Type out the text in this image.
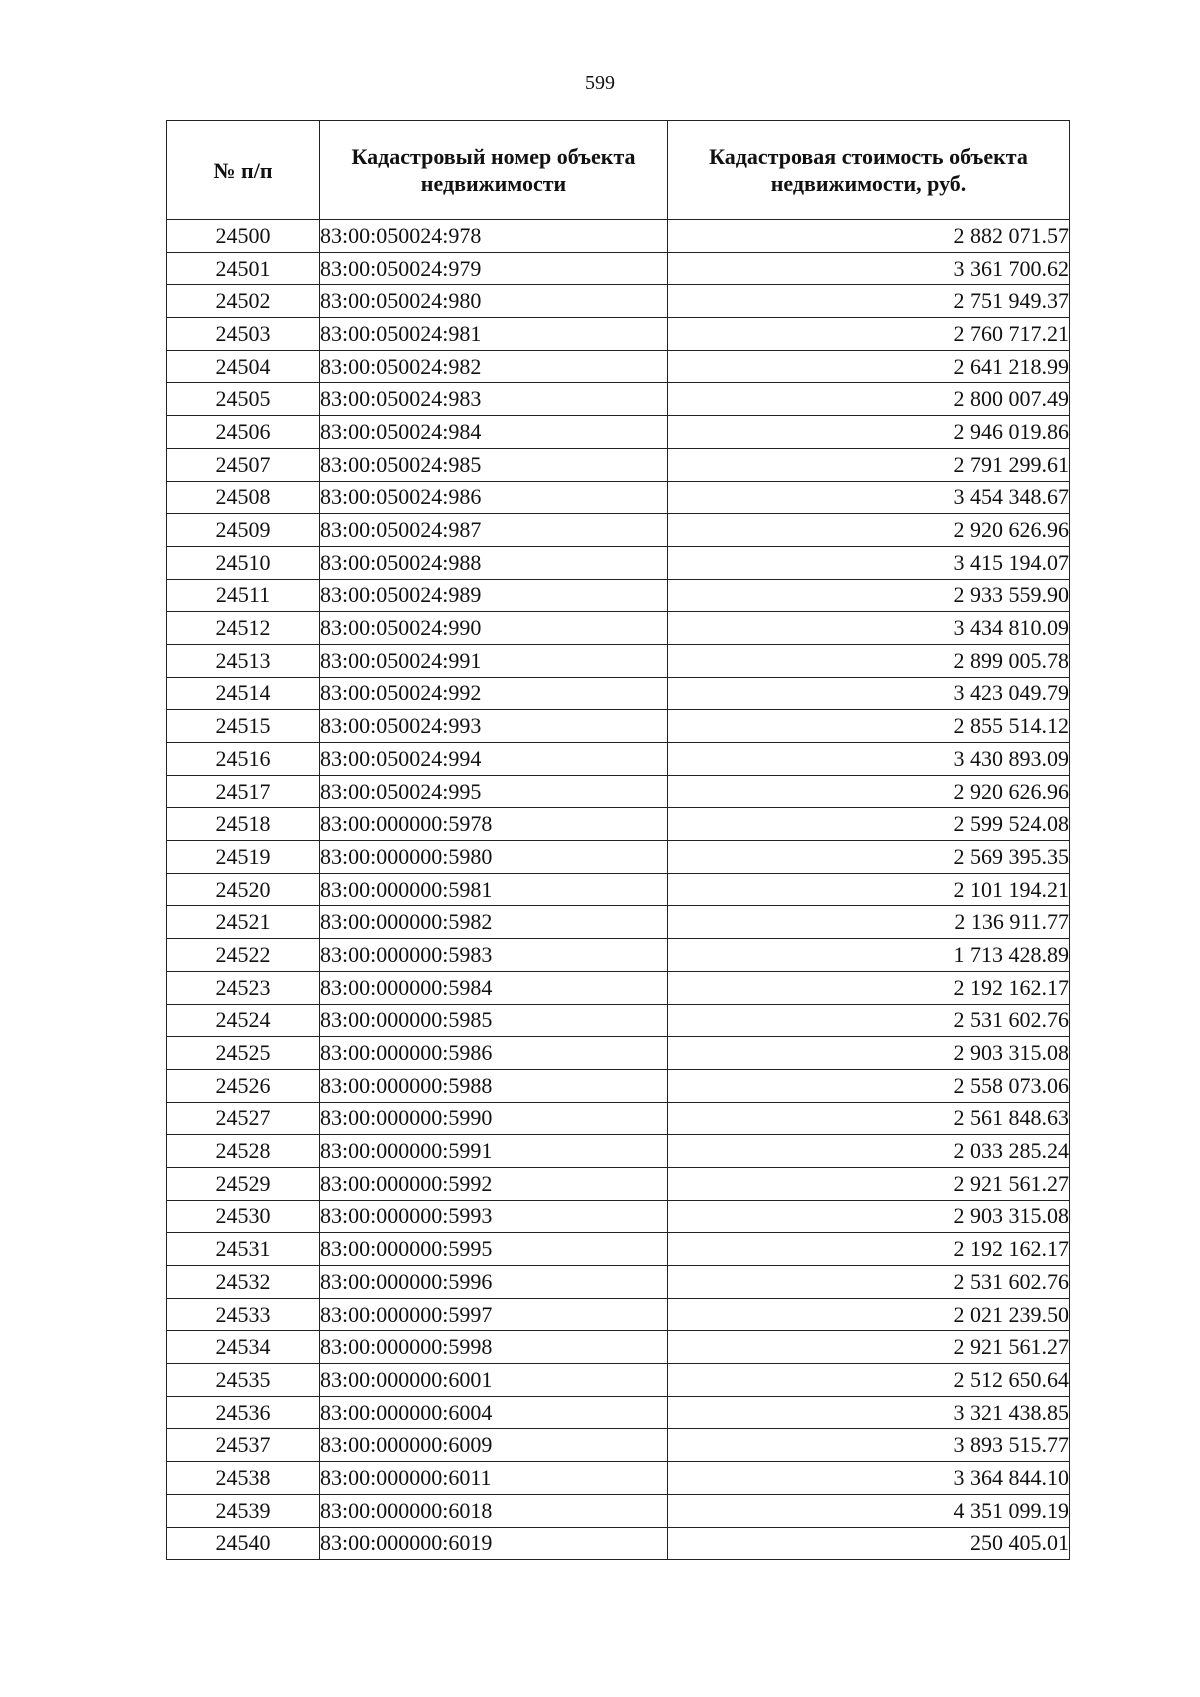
599
№ п/п	Кадастровый номер объекта недвижимости	Кадастровая стоимость объекта недвижимости, руб.
24500	83:00:050024:978	2 882 071.57
24501	83:00:050024:979	3 361 700.62
24502	83:00:050024:980	2 751 949.37
24503	83:00:050024:981	2 760 717.21
24504	83:00:050024:982	2 641 218.99
24505	83:00:050024:983	2 800 007.49
24506	83:00:050024:984	2 946 019.86
24507	83:00:050024:985	2 791 299.61
24508	83:00:050024:986	3 454 348.67
24509	83:00:050024:987	2 920 626.96
24510	83:00:050024:988	3 415 194.07
24511	83:00:050024:989	2 933 559.90
24512	83:00:050024:990	3 434 810.09
24513	83:00:050024:991	2 899 005.78
24514	83:00:050024:992	3 423 049.79
24515	83:00:050024:993	2 855 514.12
24516	83:00:050024:994	3 430 893.09
24517	83:00:050024:995	2 920 626.96
24518	83:00:000000:5978	2 599 524.08
24519	83:00:000000:5980	2 569 395.35
24520	83:00:000000:5981	2 101 194.21
24521	83:00:000000:5982	2 136 911.77
24522	83:00:000000:5983	1 713 428.89
24523	83:00:000000:5984	2 192 162.17
24524	83:00:000000:5985	2 531 602.76
24525	83:00:000000:5986	2 903 315.08
24526	83:00:000000:5988	2 558 073.06
24527	83:00:000000:5990	2 561 848.63
24528	83:00:000000:5991	2 033 285.24
24529	83:00:000000:5992	2 921 561.27
24530	83:00:000000:5993	2 903 315.08
24531	83:00:000000:5995	2 192 162.17
24532	83:00:000000:5996	2 531 602.76
24533	83:00:000000:5997	2 021 239.50
24534	83:00:000000:5998	2 921 561.27
24535	83:00:000000:6001	2 512 650.64
24536	83:00:000000:6004	3 321 438.85
24537	83:00:000000:6009	3 893 515.77
24538	83:00:000000:6011	3 364 844.10
24539	83:00:000000:6018	4 351 099.19
24540	83:00:000000:6019	250 405.01
